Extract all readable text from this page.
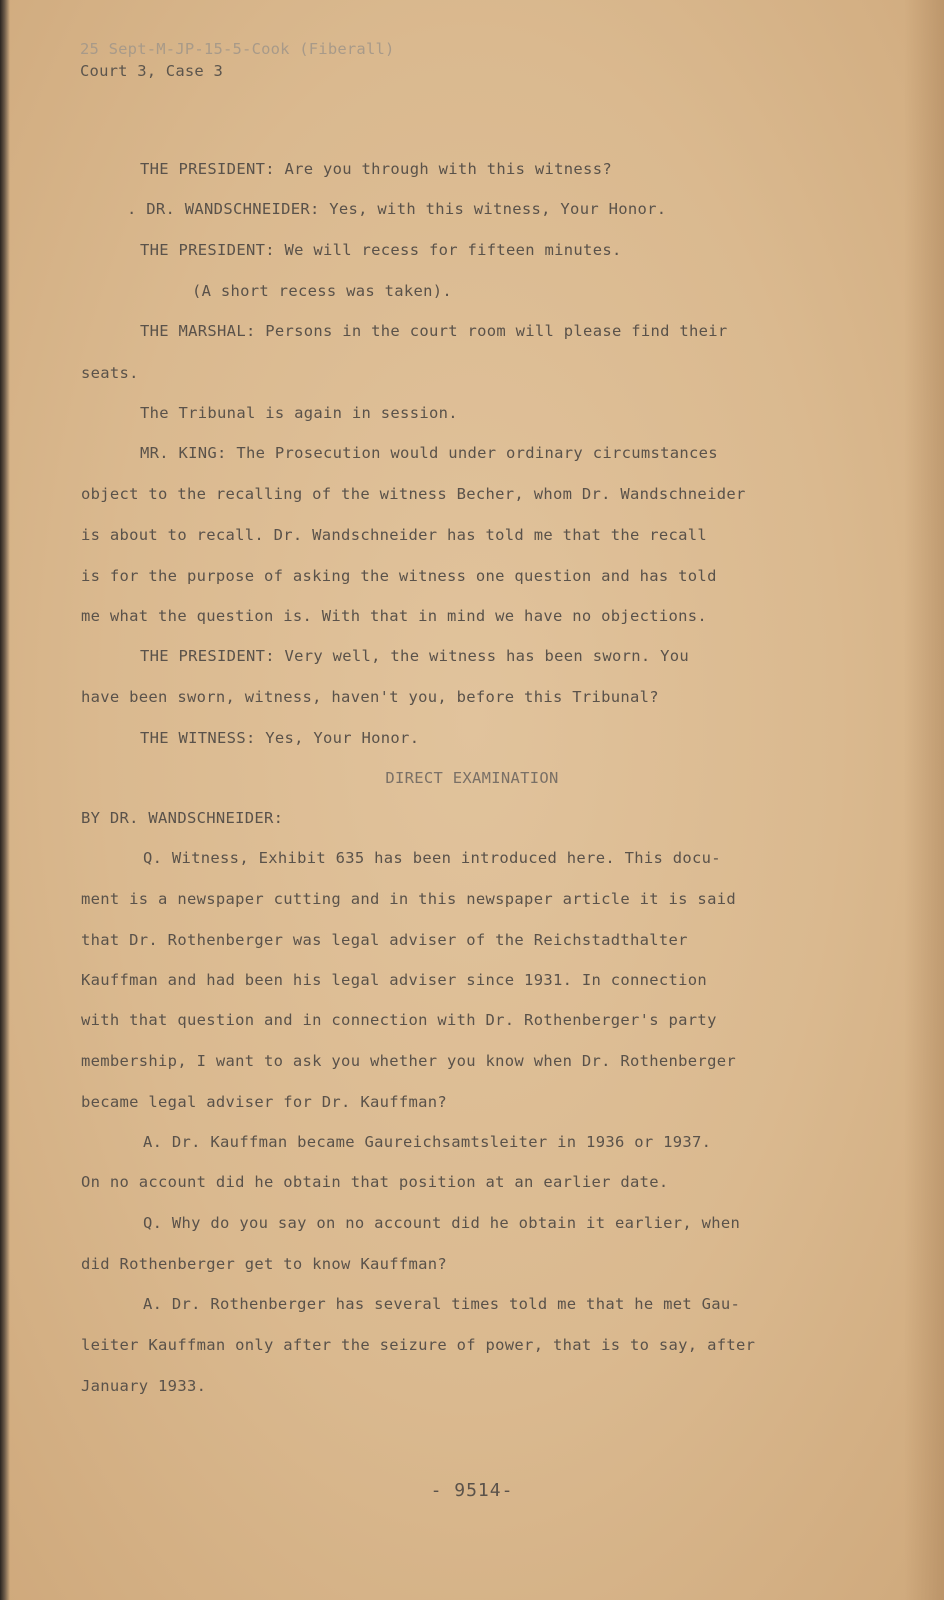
25 Sept-M-JP-15-5-Cook (Fiberall)
Court 3, Case 3
THE PRESIDENT: Are you through with this witness?
. DR. WANDSCHNEIDER: Yes, with this witness, Your Honor.
THE PRESIDENT: We will recess for fifteen minutes.
(A short recess was taken).
THE MARSHAL: Persons in the court room will please find their
seats.
The Tribunal is again in session.
MR. KING: The Prosecution would under ordinary circumstances
object to the recalling of the witness Becher, whom Dr. Wandschneider
is about to recall. Dr. Wandschneider has told me that the recall
is for the purpose of asking the witness one question and has told
me what the question is. With that in mind we have no objections.
THE PRESIDENT: Very well, the witness has been sworn. You
have been sworn, witness, haven't you, before this Tribunal?
THE WITNESS: Yes, Your Honor.
DIRECT EXAMINATION
BY DR. WANDSCHNEIDER:
Q. Witness, Exhibit 635 has been introduced here. This docu-
ment is a newspaper cutting and in this newspaper article it is said
that Dr. Rothenberger was legal adviser of the Reichstadthalter
Kauffman and had been his legal adviser since 1931. In connection
with that question and in connection with Dr. Rothenberger's party
membership, I want to ask you whether you know when Dr. Rothenberger
became legal adviser for Dr. Kauffman?
A. Dr. Kauffman became Gaureichsamtsleiter in 1936 or 1937.
On no account did he obtain that position at an earlier date.
Q. Why do you say on no account did he obtain it earlier, when
did Rothenberger get to know Kauffman?
A. Dr. Rothenberger has several times told me that he met Gau-
leiter Kauffman only after the seizure of power, that is to say, after
January 1933.
- 9514-
